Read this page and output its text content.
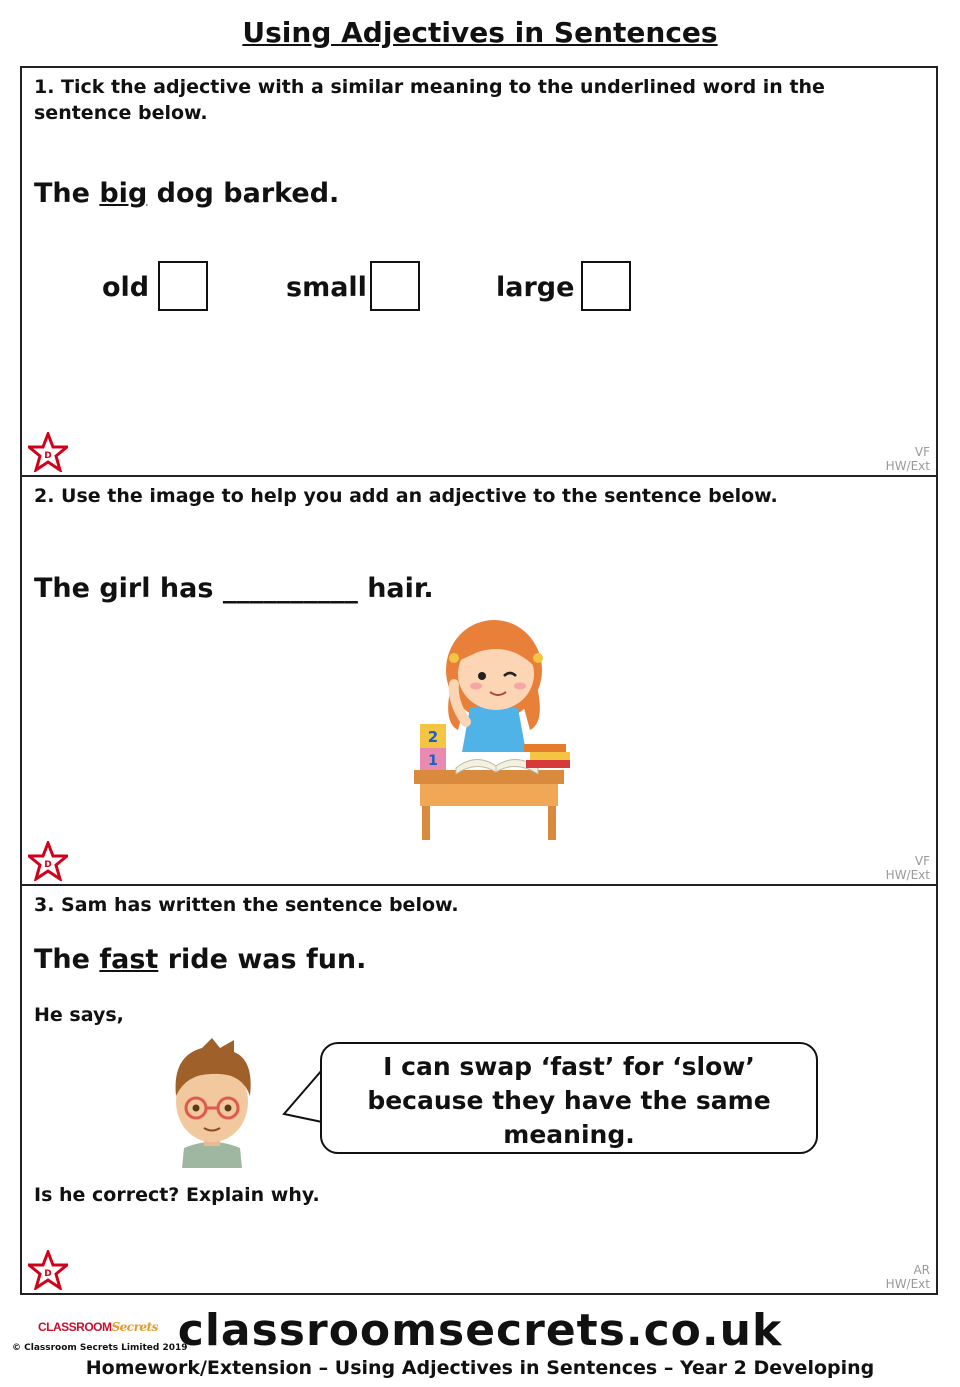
Using Adjectives in Sentences
1. Tick the adjective with a similar meaning to the underlined word in the sentence below.
The big dog barked.
old	small	large
D	VF
HW/Ext
2. Use the image to help you add an adjective to the sentence below.
The girl has __________ hair.
2
1
D	VF
HW/Ext
3. Sam has written the sentence below.
The fast ride was fun.
He says,
I can swap ‘fast’ for ‘slow’
because they have the same
meaning.
Is he correct? Explain why.
D	AR
HW/Ext
CLASSROOMSecrets
© Classroom Secrets Limited 2019
classroomsecrets.co.uk
Homework/Extension – Using Adjectives in Sentences – Year 2 Developing
